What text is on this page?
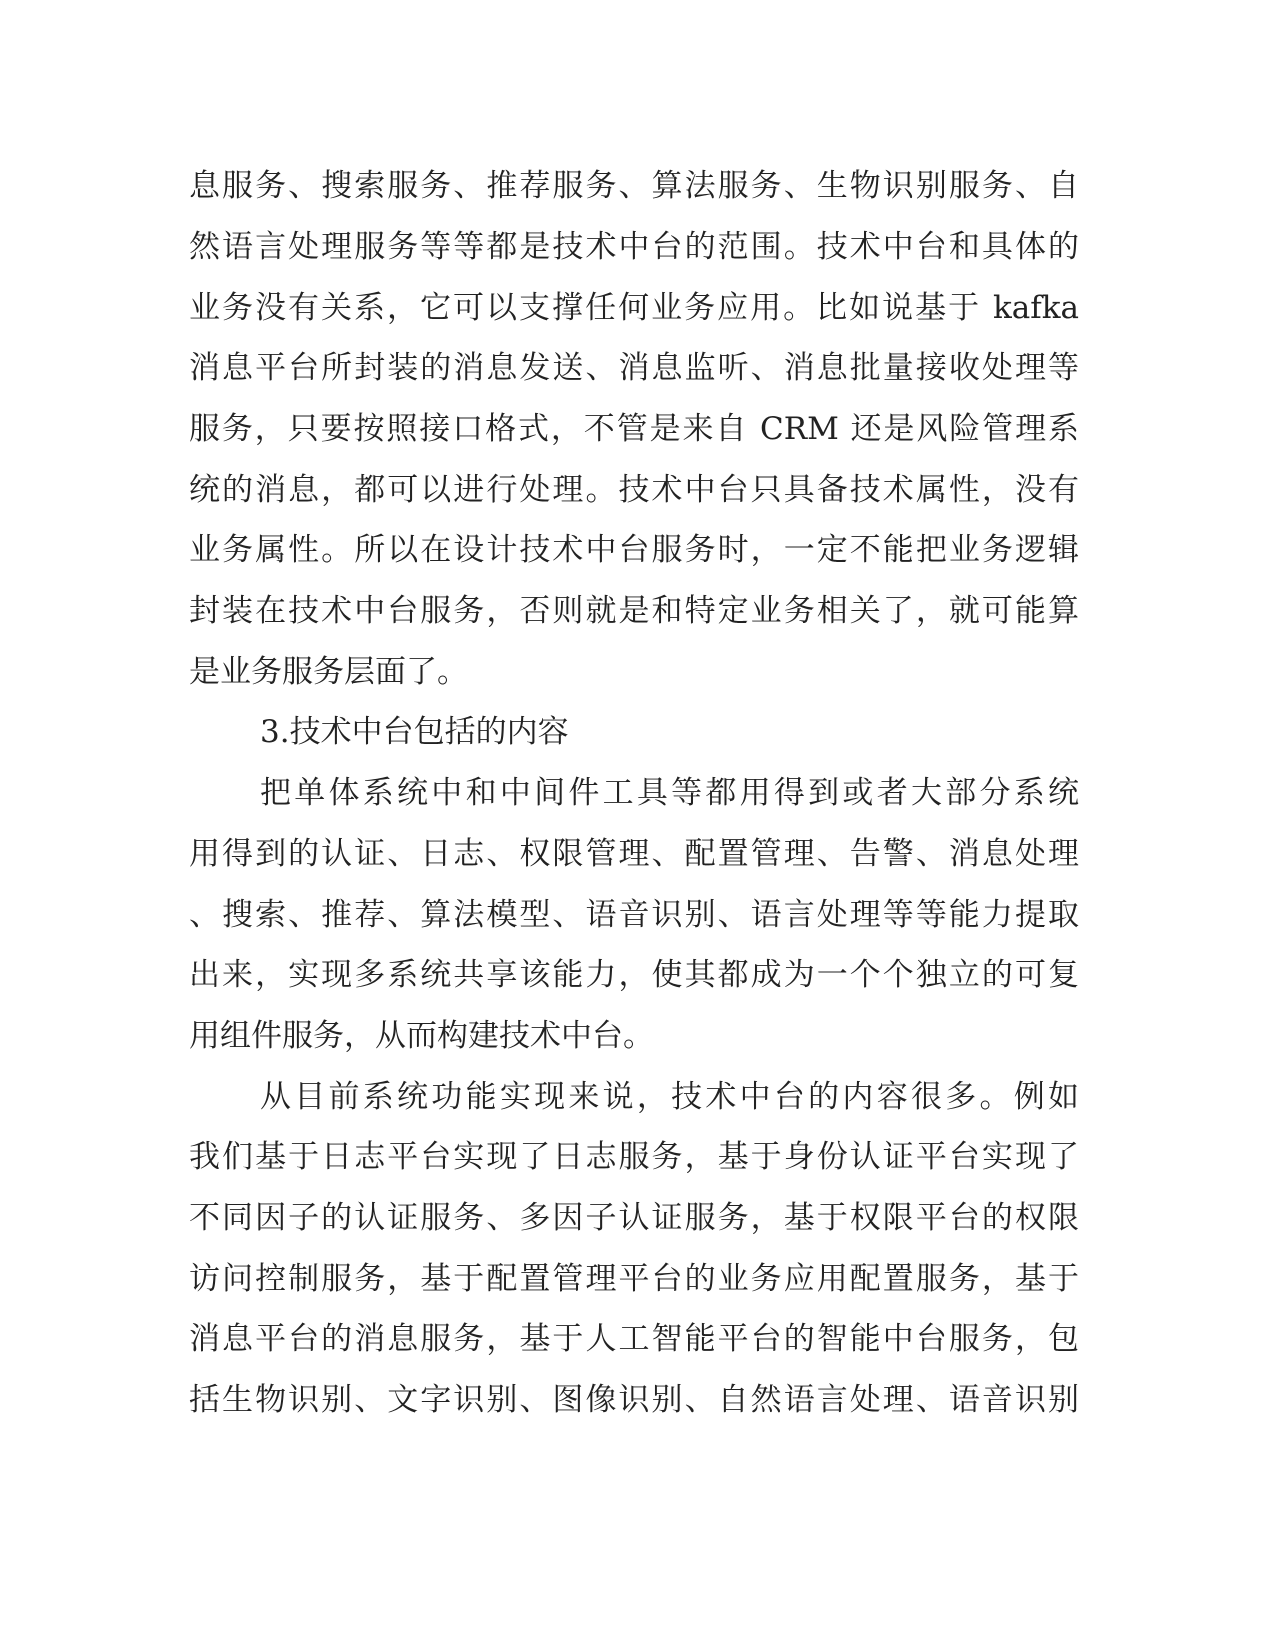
息服务、搜索服务、推荐服务、算法服务、生物识别服务、自
然语言处理服务等等都是技术中台的范围。技术中台和具体的
业务没有关系，它可以支撑任何业务应用。比如说基于 kafka
消息平台所封装的消息发送、消息监听、消息批量接收处理等
服务，只要按照接口格式，不管是来自 CRM 还是风险管理系
统的消息，都可以进行处理。技术中台只具备技术属性，没有
业务属性。所以在设计技术中台服务时，一定不能把业务逻辑
封装在技术中台服务，否则就是和特定业务相关了，就可能算
是业务服务层面了。
3.技术中台包括的内容
把单体系统中和中间件工具等都用得到或者大部分系统
用得到的认证、日志、权限管理、配置管理、告警、消息处理
、搜索、推荐、算法模型、语音识别、语言处理等等能力提取
出来，实现多系统共享该能力，使其都成为一个个独立的可复
用组件服务，从而构建技术中台。
从目前系统功能实现来说，技术中台的内容很多。例如
我们基于日志平台实现了日志服务，基于身份认证平台实现了
不同因子的认证服务、多因子认证服务，基于权限平台的权限
访问控制服务，基于配置管理平台的业务应用配置服务，基于
消息平台的消息服务，基于人工智能平台的智能中台服务，包
括生物识别、文字识别、图像识别、自然语言处理、语音识别
